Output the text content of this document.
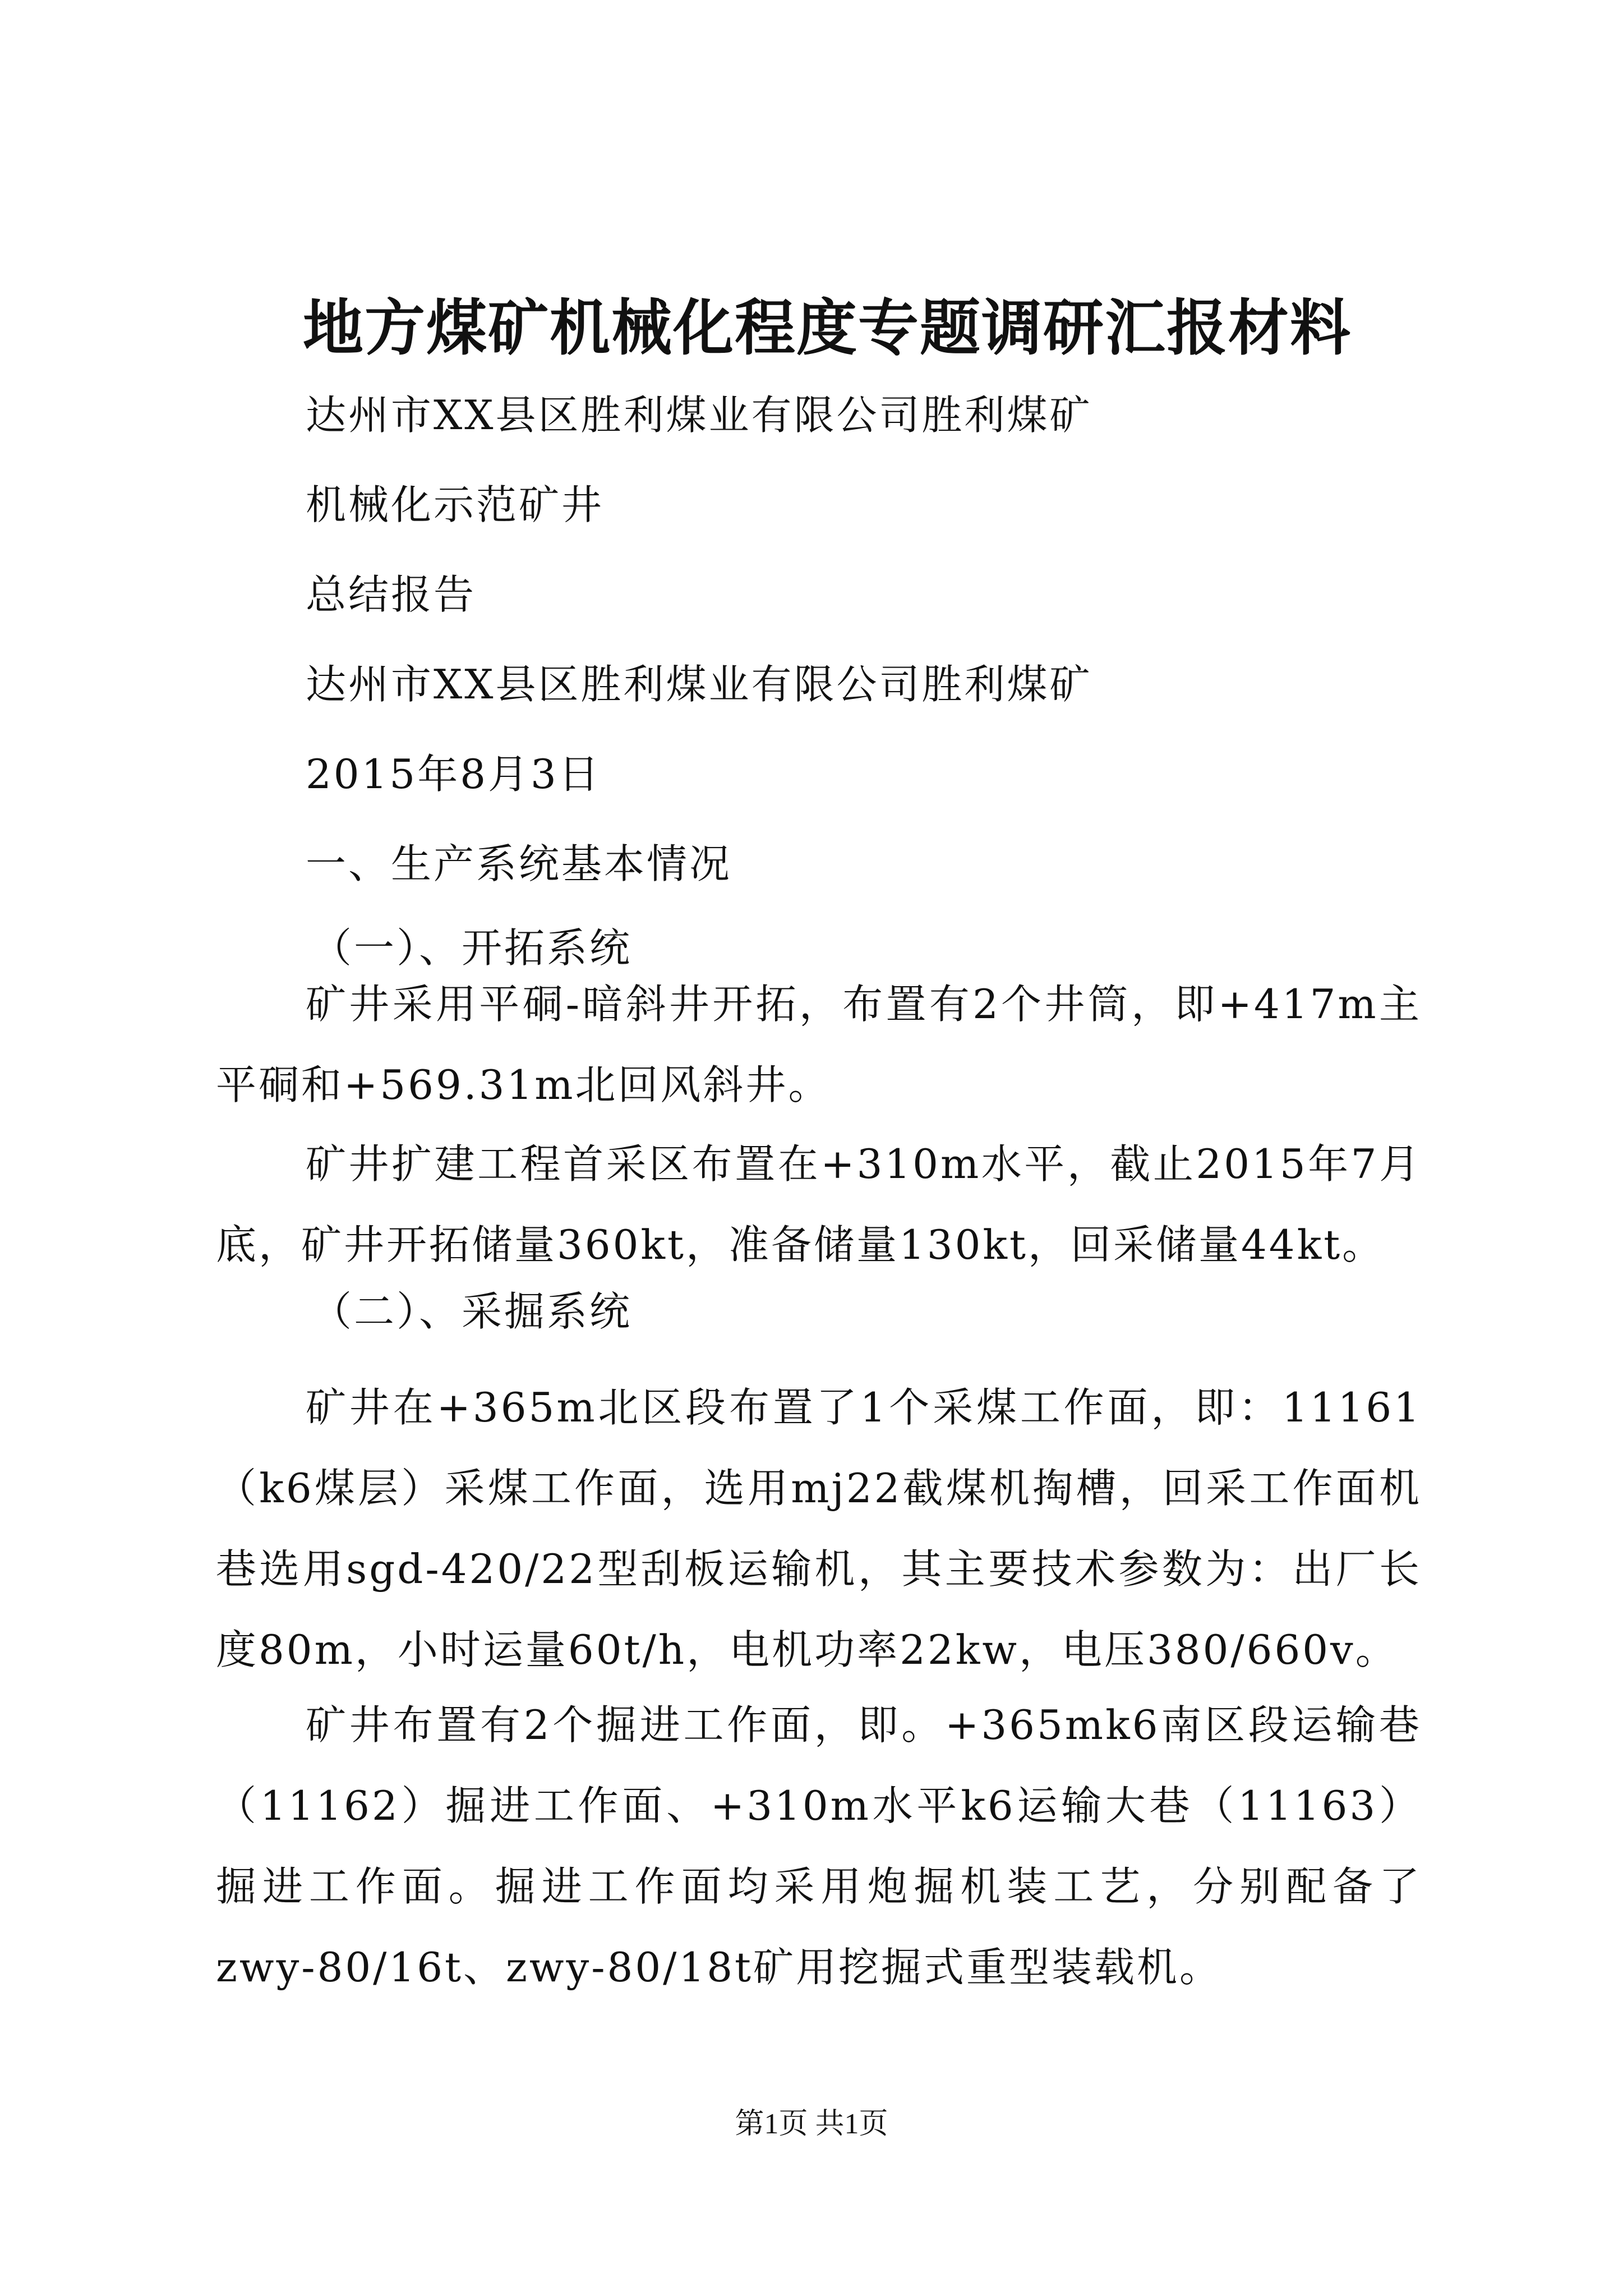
地方煤矿机械化程度专题调研汇报材料
达州市XX县区胜利煤业有限公司胜利煤矿
机械化示范矿井
总结报告
达州市XX县区胜利煤业有限公司胜利煤矿
2015年8月3日
一、生产系统基本情况
（一）、开拓系统
矿井采用平硐-暗斜井开拓，布置有2个井筒，即+417m主平硐和+569.31m北回风斜井。
矿井扩建工程首采区布置在+310m水平，截止2015年7月底，矿井开拓储量360kt，准备储量130kt，回采储量44kt。
（二）、采掘系统
矿井在+365m北区段布置了1个采煤工作面，即：11161（k6煤层）采煤工作面，选用mj22截煤机掏槽，回采工作面机巷选用sgd-420/22型刮板运输机，其主要技术参数为：出厂长度80m，小时运量60t/h，电机功率22kw，电压380/660v。
矿井布置有2个掘进工作面，即。+365mk6南区段运输巷（11162）掘进工作面、+310m水平k6运输大巷（11163）掘进工作面。掘进工作面均采用炮掘机装工艺，分别配备了zwy-80/16t、zwy-80/18t矿用挖掘式重型装载机。
第1页 共1页
